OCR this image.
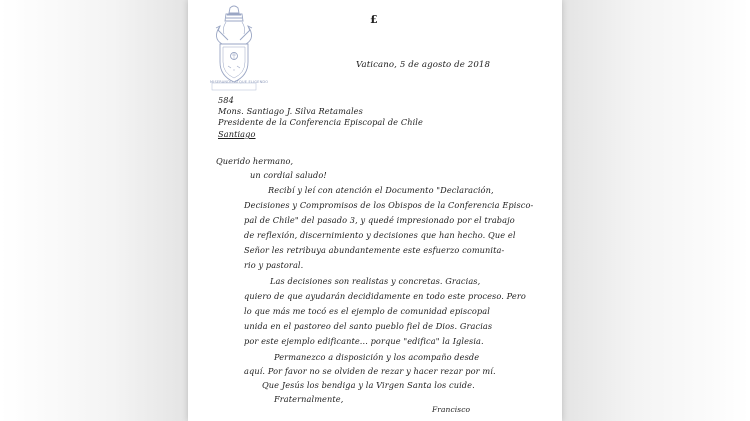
MISERANDO ATQUE ELIGENDO
£
Vaticano, 5 de agosto de 2018
584
Mons. Santiago J. Silva Retamales
Presidente de la Conferencia Episcopal de Chile
Santiago
Querido hermano,
un cordial saludo!
Recibí y leí con atención el Documento "Declaración,
Decisiones y Compromisos de los Obispos de la Conferencia Episco-
pal de Chile" del pasado 3, y quedé impresionado por el trabajo
de reflexión, discernimiento y decisiones que han hecho. Que el
Señor les retribuya abundantemente este esfuerzo comunita-
rio y pastoral.
Las decisiones son realistas y concretas. Gracias,
quiero de que ayudarán decididamente en todo este proceso. Pero
lo que más me tocó es el ejemplo de comunidad episcopal
unida en el pastoreo del santo pueblo fiel de Dios. Gracias
por este ejemplo edificante... porque "edifica" la Iglesia.
Permanezco a disposición y los acompaño desde
aquí. Por favor no se olviden de rezar y hacer rezar por mí.
Que Jesús los bendiga y la Virgen Santa los cuide.
Fraternalmente,
Francisco
